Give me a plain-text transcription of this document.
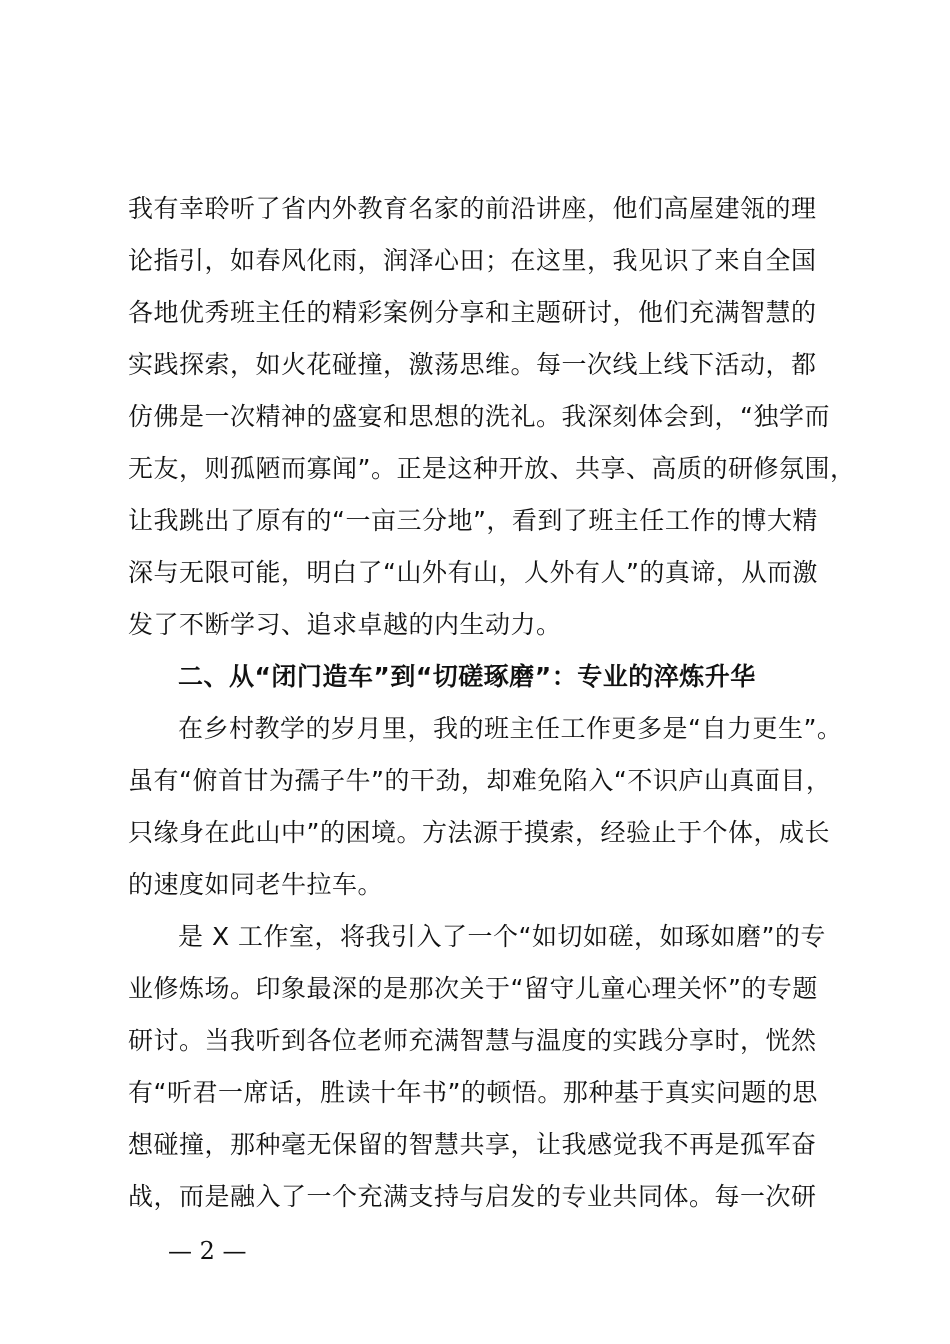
我有幸聆听了省内外教育名家的前沿讲座，他们高屋建瓴的理
论指引，如春风化雨，润泽心田；在这里，我见识了来自全国
各地优秀班主任的精彩案例分享和主题研讨，他们充满智慧的
实践探索，如火花碰撞，激荡思维。每一次线上线下活动，都
仿佛是一次精神的盛宴和思想的洗礼。我深刻体会到，“独学而
无友，则孤陋而寡闻”。正是这种开放、共享、高质的研修氛围，
让我跳出了原有的“一亩三分地”，看到了班主任工作的博大精
深与无限可能，明白了“山外有山，人外有人”的真谛，从而激
发了不断学习、追求卓越的内生动力。
二、从“闭门造车”到“切磋琢磨”：专业的淬炼升华
在乡村教学的岁月里，我的班主任工作更多是“自力更生”。
虽有“俯首甘为孺子牛”的干劲，却难免陷入“不识庐山真面目，
只缘身在此山中”的困境。方法源于摸索，经验止于个体，成长
的速度如同老牛拉车。
是 X 工作室，将我引入了一个“如切如磋，如琢如磨”的专
业修炼场。印象最深的是那次关于“留守儿童心理关怀”的专题
研讨。当我听到各位老师充满智慧与温度的实践分享时，恍然
有“听君一席话，胜读十年书”的顿悟。那种基于真实问题的思
想碰撞，那种毫无保留的智慧共享，让我感觉我不再是孤军奋
战，而是融入了一个充满支持与启发的专业共同体。每一次研
— 2 —
